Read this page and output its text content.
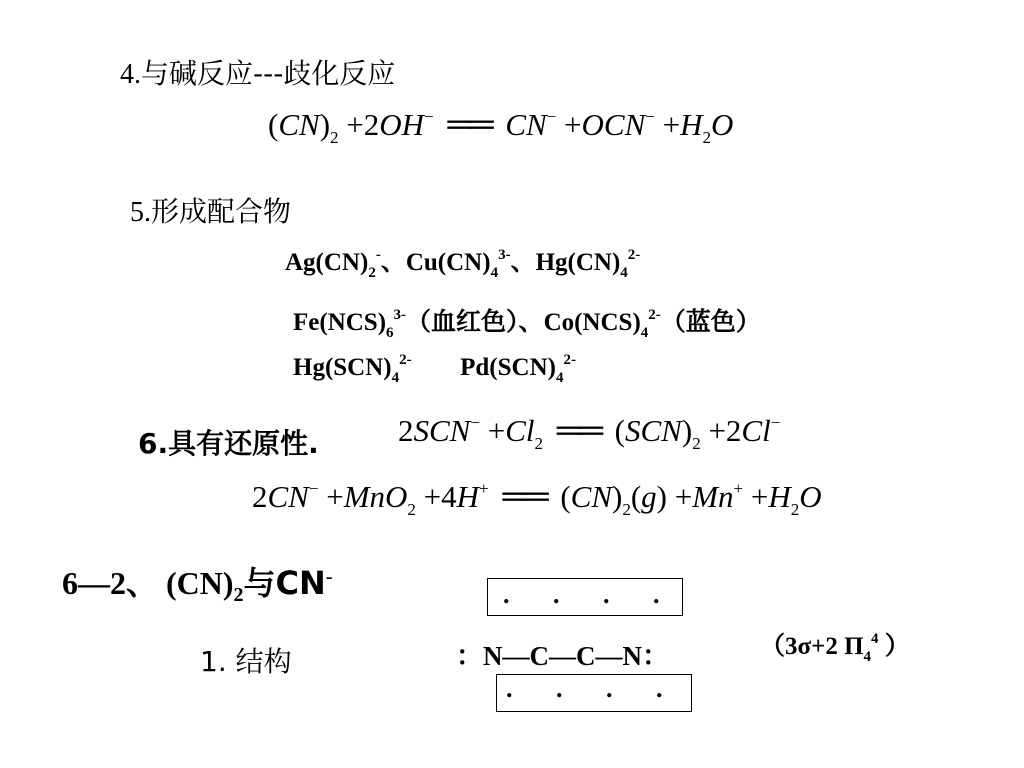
4.与碱反应---歧化反应
$(CN)_2 +2OH^-$ ══ $CN^- +OCN^- +H_2O$
5.形成配合物
$Ag(CN)_2^-$、$Cu(CN)_4^{3-}$、$Hg(CN)_4^{2-}$
$Fe(NCS)_6^{3-}$（血红色）、$Co(NCS)_4^{2-}$（蓝色）
$Hg(SCN)_4^{2-}$ $Pd(SCN)_4^{2-}$
6.具有还原性.	$2SCN^- +Cl_2$ ══ $(SCN)_2 +2Cl^-$
2CN− +MnO$_2$ +4H+ ══ $(CN)_2(g) +Mn^+ +H_2O$
6—2、 $(CN)_2$与CN-
1. 结构
.   .   .   .
.   .   .   .
：N—C—C—N：	（3σ+2 $\Pi_4^4$ ）
